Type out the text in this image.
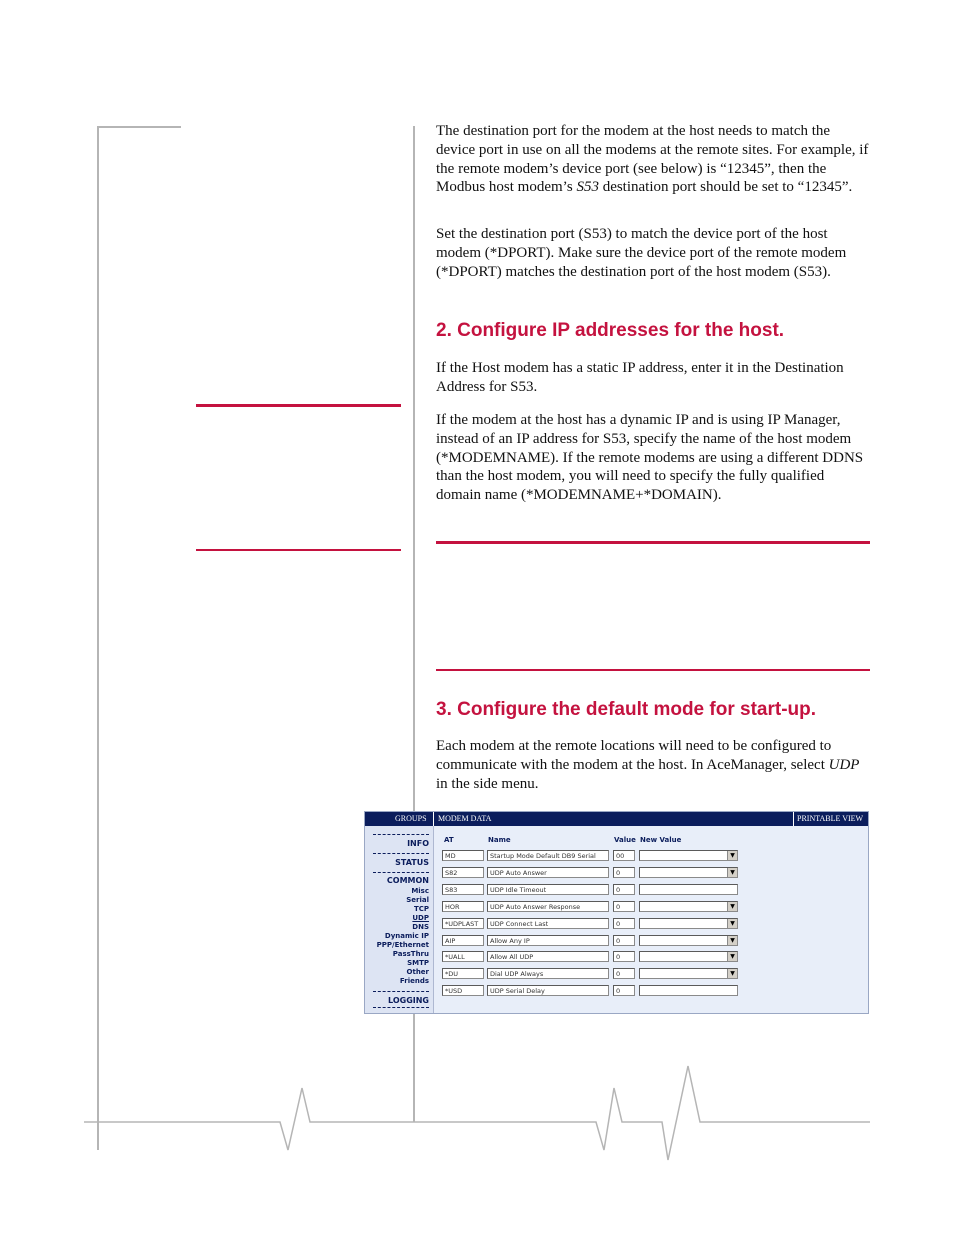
The destination port for the modem at the host needs to match the device port in use on all the modems at the remote sites. For example, if the remote modem’s device port (see below) is “12345”, then the Modbus host modem’s S53 destination port should be set to “12345”.

Set the destination port (S53) to match the device port of the host modem (*DPORT). Make sure the device port of the remote modem (*DPORT) matches the destination port of the host modem (S53).

2. Configure IP addresses for the host.

If the Host modem has a static IP address, enter it in the Destination Address for S53.

If the modem at the host has a dynamic IP and is using IP Manager, instead of an IP address for S53, specify the name of the host modem (*MODEMNAME). If the remote modems are using a different DDNS than the host modem, you will need to specify the fully qualified domain name (*MODEMNAME+*DOMAIN).

3. Configure the default mode for start-up.

Each modem at the remote locations will need to be configured to communicate with the modem at the host. In AceManager, select UDP in the side menu.

GROUPS MODEM DATA	PRINTABLE VIEW
INFO
STATUS
COMMON
Misc
Serial
TCP
UDP
DNS
Dynamic IP
PPP/Ethernet
PassThru
SMTP
Other
Friends
LOGGING
AT	Name	Value New Value
MD	Startup Mode Default DB9 Serial	00	▼
S82	UDP Auto Answer	0	▼
S83	UDP Idle Timeout	0
HOR	UDP Auto Answer Response	0	▼
*UDPLAST	UDP Connect Last	0	▼
AIP	Allow Any IP	0	▼
*UALL	Allow All UDP	0	▼
*DU	Dial UDP Always	0	▼
*USD	UDP Serial Delay	0
